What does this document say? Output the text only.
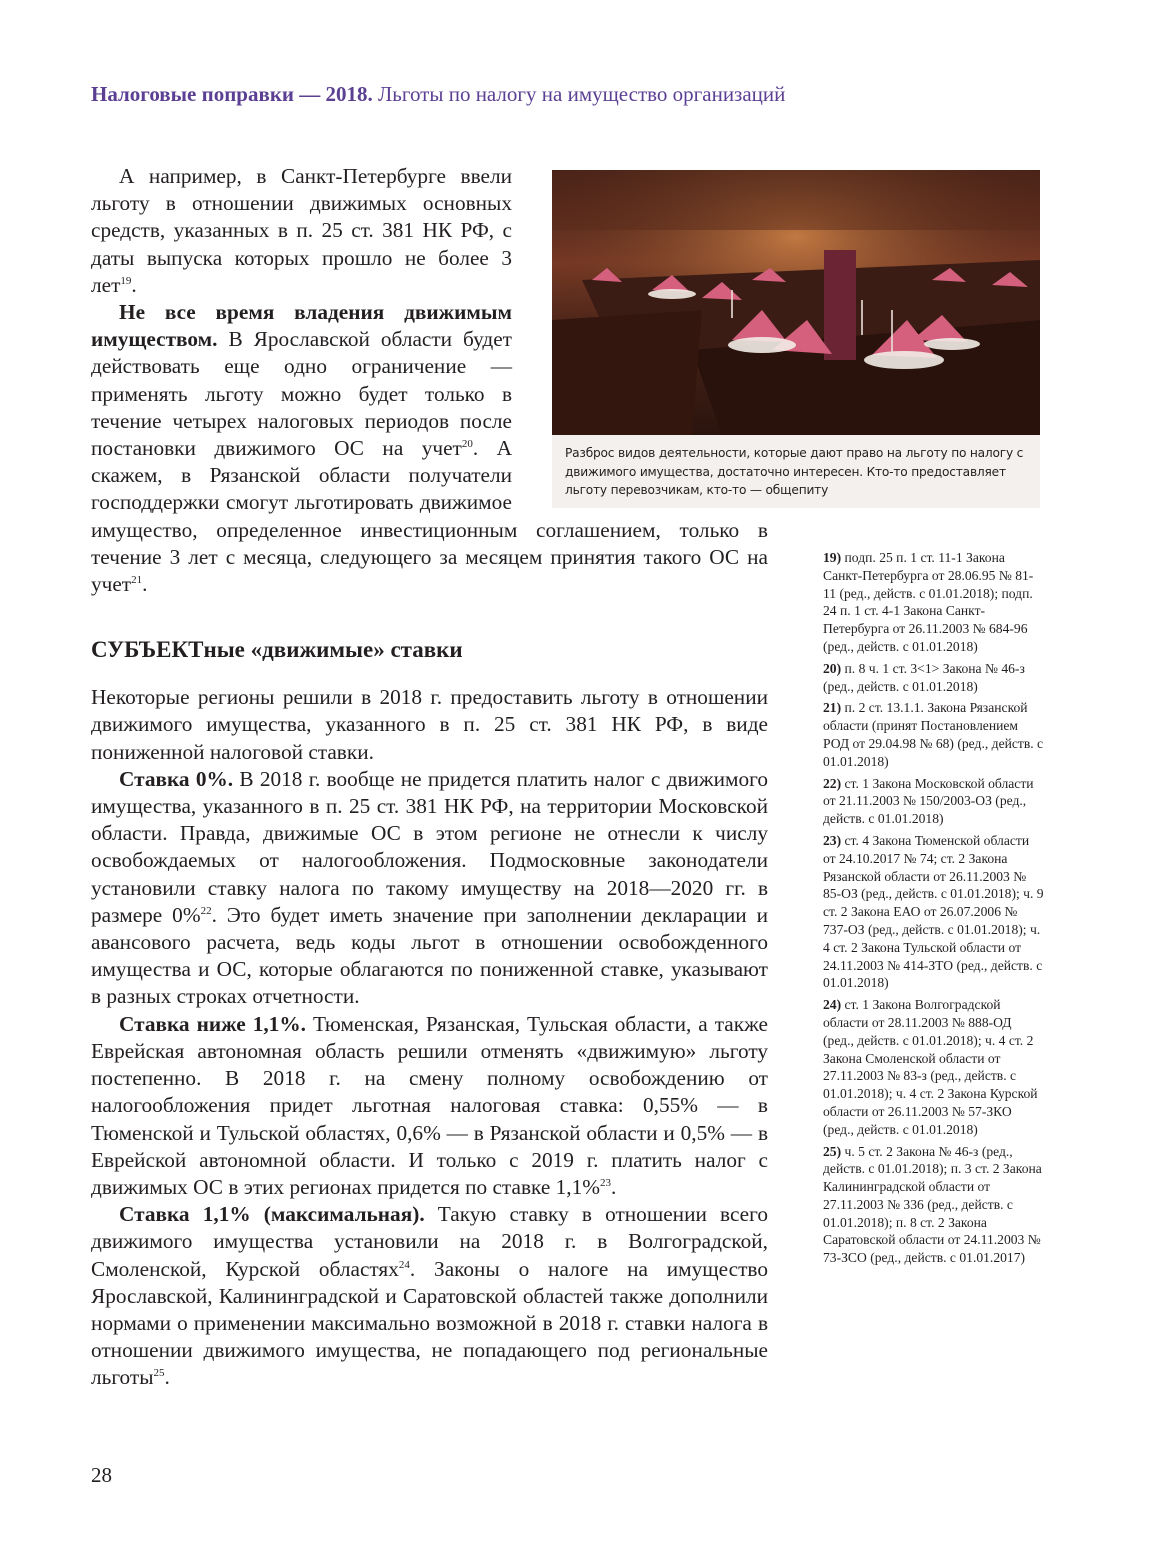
Налоговые поправки — 2018. Льготы по налогу на имущество организаций
Разброс видов деятельности, которые дают право на льготу по налогу с движимого имущества, достаточно интересен. Кто-то предоставляет льготу перевозчикам, кто-то — общепиту

А например, в Санкт-Петербурге ввели льготу в отношении движимых основных средств, указанных в п. 25 ст. 381 НК РФ, с даты выпуска которых прошло не более 3 лет$^{19}$.

Не все время владения движимым имуществом. В Ярославской области будет действовать еще одно ограничение — применять льготу можно будет только в течение четырех налоговых периодов после постановки движимого ОС на учет$^{20}$. А скажем, в Рязанской области получатели господдержки смогут льготировать движимое имущество, определенное инвестиционным соглашением, только в течение 3 лет с месяца, следующего за месяцем принятия такого ОС на учет$^{21}$.

СУБЪЕКТные «движимые» ставки

Некоторые регионы решили в 2018 г. предоставить льготу в отношении движимого имущества, указанного в п. 25 ст. 381 НК РФ, в виде пониженной налоговой ставки.

Ставка 0%. В 2018 г. вообще не придется платить налог с движимого имущества, указанного в п. 25 ст. 381 НК РФ, на территории Московской области. Правда, движимые ОС в этом регионе не отнесли к числу освобождаемых от налогообложения. Подмосковные законодатели установили ставку налога по такому имуществу на 2018—2020 гг. в размере 0%$^{22}$. Это будет иметь значение при заполнении декларации и авансового расчета, ведь коды льгот в отношении освобожденного имущества и ОС, которые облагаются по пониженной ставке, указывают в разных строках отчетности.

Ставка ниже 1,1%. Тюменская, Рязанская, Тульская области, а также Еврейская автономная область решили отменять «движимую» льготу постепенно. В 2018 г. на смену полному освобождению от налогообложения придет льготная налоговая ставка: 0,55% — в Тюменской и Тульской областях, 0,6% — в Рязанской области и 0,5% — в Еврейской автономной области. И только с 2019 г. платить налог с движимых ОС в этих регионах придется по ставке 1,1%$^{23}$.

Ставка 1,1% (максимальная). Такую ставку в отношении всего движимого имущества установили на 2018 г. в Волгоградской, Смоленской, Курской областях$^{24}$. Законы о налоге на имущество Ярославской, Калининградской и Саратовской областей также дополнили нормами о применении максимально возможной в 2018 г. ставки налога в отношении движимого имущества, не попадающего под региональные льготы$^{25}$.

19) подп. 25 п. 1 ст. 11-1 Закона Санкт-Петербурга от 28.06.95 № 81-11 (ред., действ. с 01.01.2018); подп. 24 п. 1 ст. 4-1 Закона Санкт-Петербурга от 26.11.2003 № 684-96 (ред., действ. с 01.01.2018)
20) п. 8 ч. 1 ст. 3<1> Закона № 46-з (ред., действ. с 01.01.2018)
21) п. 2 ст. 13.1.1. Закона Рязанской области (принят Постановлением РОД от 29.04.98 № 68) (ред., действ. с 01.01.2018)
22) ст. 1 Закона Московской области от 21.11.2003 № 150/2003-ОЗ (ред., действ. с 01.01.2018)
23) ст. 4 Закона Тюменской области от 24.10.2017 № 74; ст. 2 Закона Рязанской области от 26.11.2003 № 85-ОЗ (ред., действ. с 01.01.2018); ч. 9 ст. 2 Закона ЕАО от 26.07.2006 № 737-ОЗ (ред., действ. с 01.01.2018); ч. 4 ст. 2 Закона Тульской области от 24.11.2003 № 414-ЗТО (ред., действ. с 01.01.2018)
24) ст. 1 Закона Волгоградской области от 28.11.2003 № 888-ОД (ред., действ. с 01.01.2018); ч. 4 ст. 2 Закона Смоленской области от 27.11.2003 № 83-з (ред., действ. с 01.01.2018); ч. 4 ст. 2 Закона Курской области от 26.11.2003 № 57-ЗКО (ред., действ. с 01.01.2018)
25) ч. 5 ст. 2 Закона № 46-з (ред., действ. с 01.01.2018); п. 3 ст. 2 Закона Калининградской области от 27.11.2003 № 336 (ред., действ. с 01.01.2018); п. 8 ст. 2 Закона Саратовской области от 24.11.2003 № 73-ЗСО (ред., действ. с 01.01.2017)
28
